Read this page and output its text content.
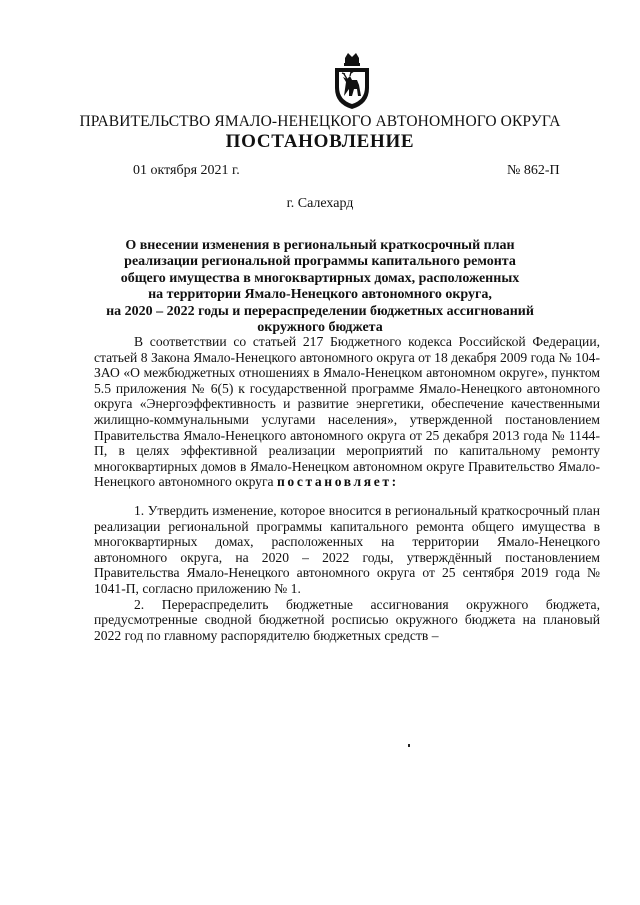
ПРАВИТЕЛЬСТВО ЯМАЛО-НЕНЕЦКОГО АВТОНОМНОГО ОКРУГА
ПОСТАНОВЛЕНИЕ
01 октября 2021 г.	№ 862-П
г. Салехард
О внесении изменения в региональный краткосрочный план
реализации региональной программы капитального ремонта
общего имущества в многоквартирных домах, расположенных
на территории Ямало-Ненецкого автономного округа,
на 2020 – 2022 годы и перераспределении бюджетных ассигнований
окружного бюджета

В соответствии со статьей 217 Бюджетного кодекса Российской Федерации, статьей 8 Закона Ямало-Ненецкого автономного округа от 18 декабря 2009 года № 104-ЗАО «О межбюджетных отношениях в Ямало-Ненецком автономном округе», пунктом 5.5 приложения № 6(5) к государственной программе Ямало-Ненецкого автономного округа «Энергоэффективность и развитие энергетики, обеспечение качественными жилищно-коммунальными услугами населения», утвержденной постановлением Правительства Ямало-Ненецкого автономного округа от 25 декабря 2013 года № 1144-П, в целях эффективной реализации мероприятий по капитальному ремонту многоквартирных домов в Ямало-Ненецком автономном округе Правительство Ямало-Ненецкого автономного округа постановляет:

1. Утвердить изменение, которое вносится в региональный краткосрочный план реализации региональной программы капитального ремонта общего имущества в многоквартирных домах, расположенных на территории Ямало-Ненецкого автономного округа, на 2020 – 2022 годы, утверждённый постановлением Правительства Ямало-Ненецкого автономного округа от 25 сентября 2019 года № 1041-П, согласно приложению № 1.

2. Перераспределить бюджетные ассигнования окружного бюджета, предусмотренные сводной бюджетной росписью окружного бюджета на плановый 2022 год по главному распорядителю бюджетных средств –
